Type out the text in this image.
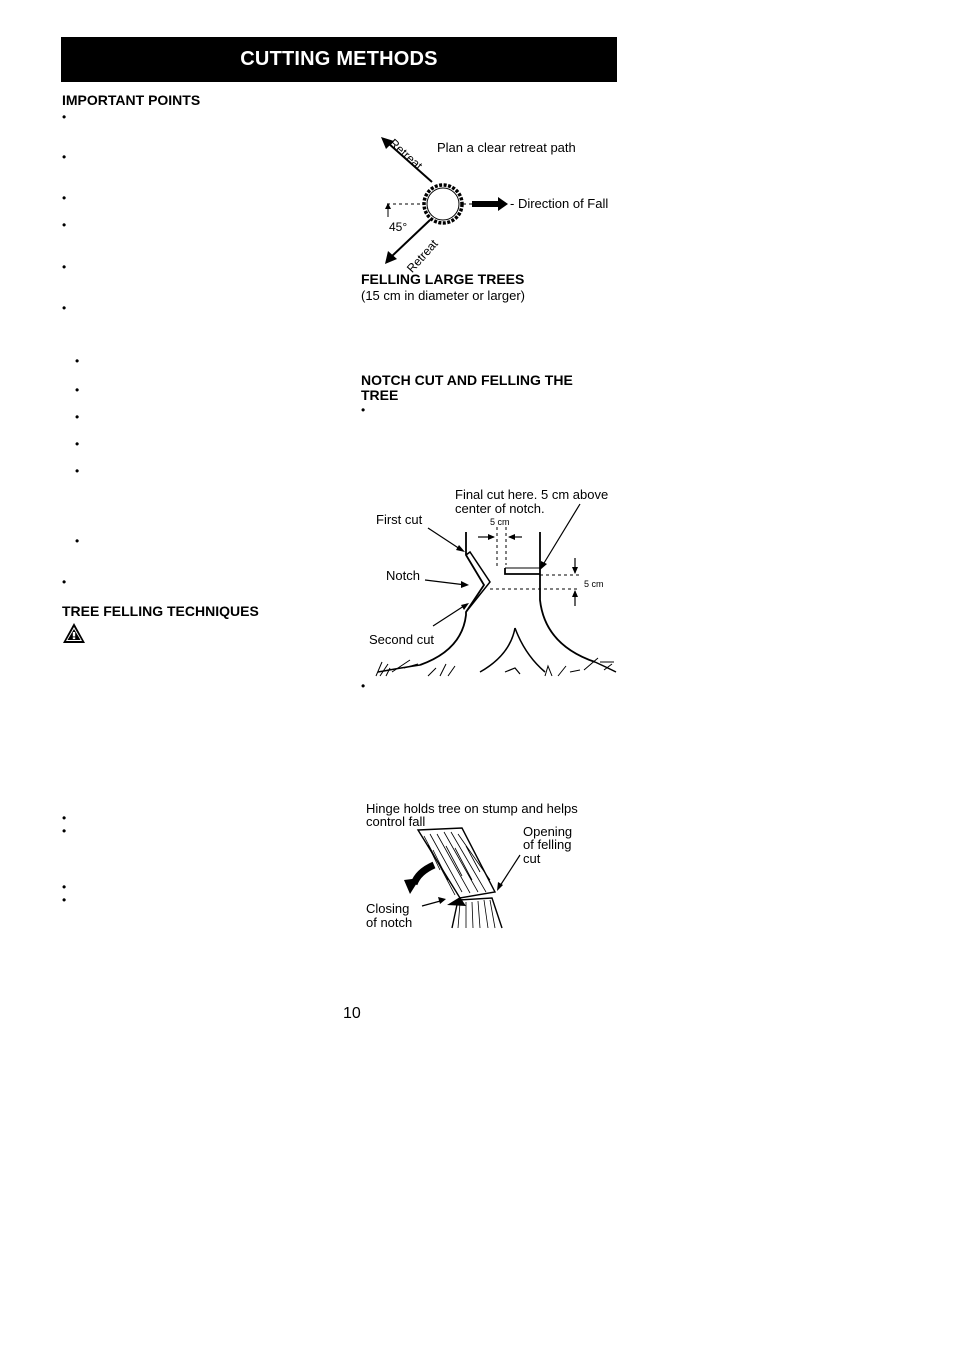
CUTTING METHODS
IMPORTANT POINTS
•
•
•
•
•
•
•
•
•
•
•
•
•
TREE FELLING TECHNIQUES
•
•
•
•
Retreat
Retreat
Plan a clear retreat path
- Direction of Fall
45°
FELLING LARGE TREES
(15 cm in diameter or larger)
NOTCH CUT AND FELLING THE
TREE
•
Final cut here. 5 cm above
center of notch.
5 cm
First cut
Notch
5 cm
Second cut
•
Hinge holds tree on stump and helps
control fall
Opening
of felling
cut
Closing
of notch
10
